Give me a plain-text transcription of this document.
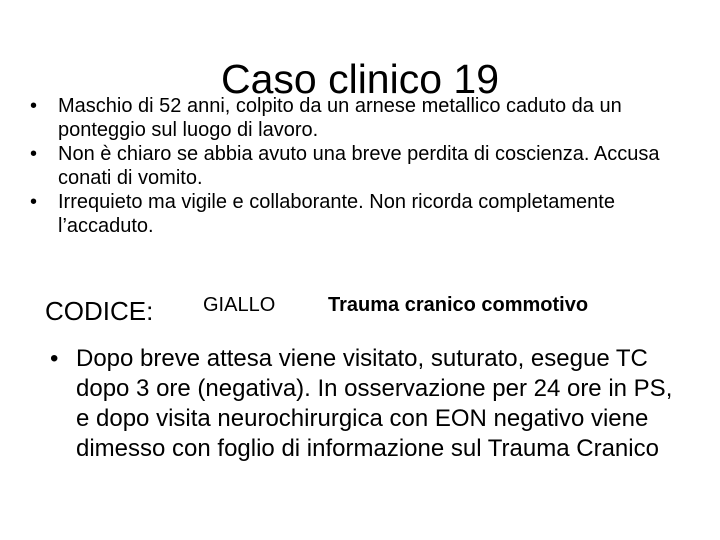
Caso clinico 19
• Maschio di 52 anni, colpito da un arnese metallico caduto da un ponteggio sul luogo di lavoro.
• Non è chiaro se abbia avuto una breve perdita di coscienza. Accusa conati di vomito.
• Irrequieto ma vigile e collaborante. Non ricorda completamente l’accaduto.
CODICE: GIALLO	Trauma cranico commotivo
• Dopo breve attesa viene visitato, suturato, esegue TC dopo 3 ore (negativa). In osservazione per 24 ore in PS, e dopo visita neurochirurgica con EON negativo viene dimesso con foglio di informazione sul Trauma Cranico
